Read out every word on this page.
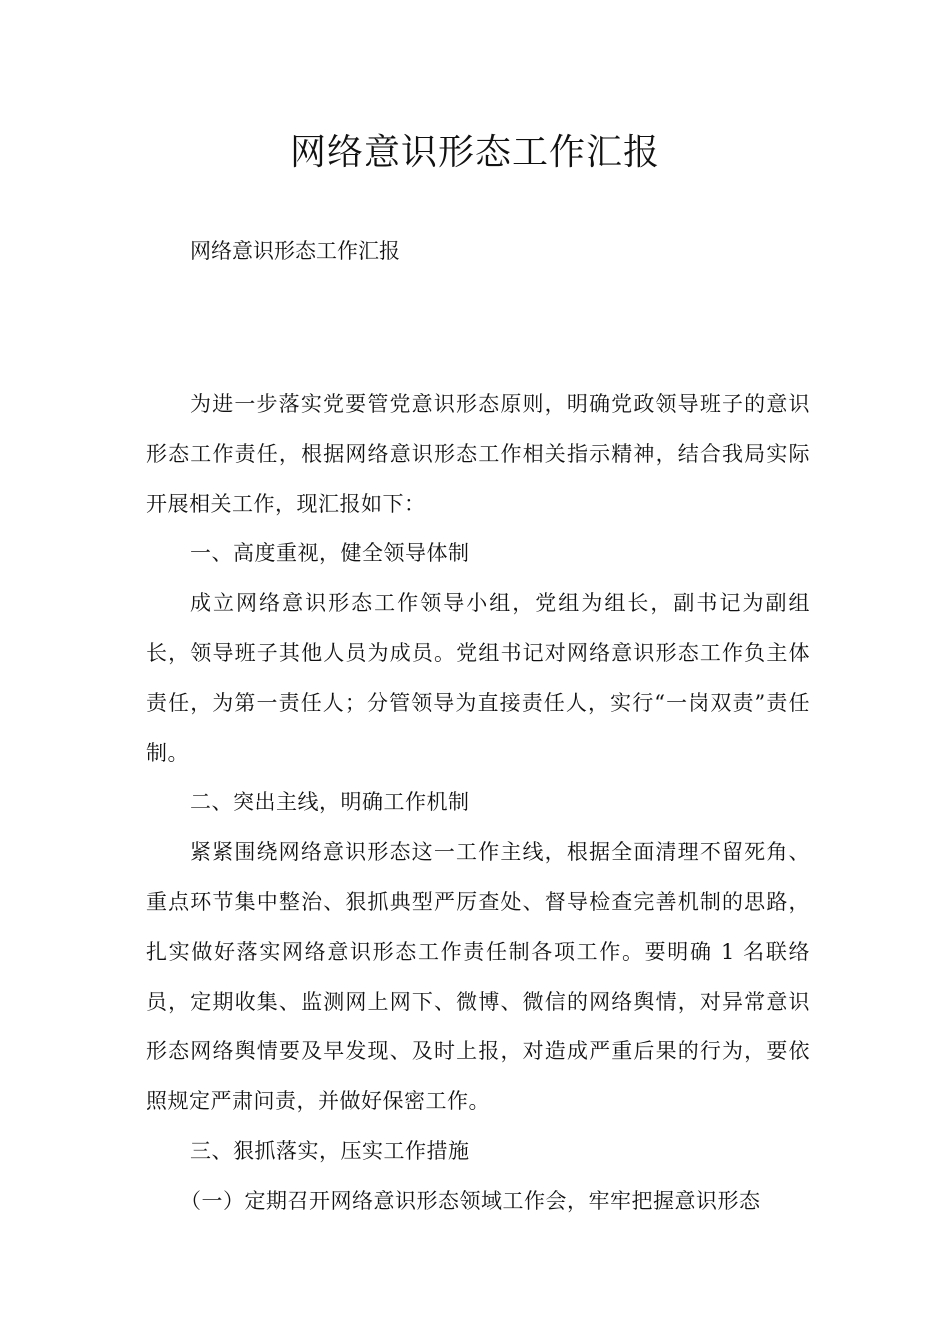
网络意识形态工作汇报
网络意识形态工作汇报

为进一步落实党要管党意识形态原则，明确党政领导班子的意识形态工作责任，根据网络意识形态工作相关指示精神，结合我局实际开展相关工作，现汇报如下：

一、高度重视，健全领导体制

成立网络意识形态工作领导小组，党组为组长，副书记为副组长，领导班子其他人员为成员。党组书记对网络意识形态工作负主体责任，为第一责任人；分管领导为直接责任人，实行“一岗双责”责任制。

二、突出主线，明确工作机制

紧紧围绕网络意识形态这一工作主线，根据全面清理不留死角、重点环节集中整治、狠抓典型严厉查处、督导检查完善机制的思路，扎实做好落实网络意识形态工作责任制各项工作。要明确 1 名联络员，定期收集、监测网上网下、微博、微信的网络舆情，对异常意识形态网络舆情要及早发现、及时上报，对造成严重后果的行为，要依照规定严肃问责，并做好保密工作。

三、狠抓落实，压实工作措施

（一）定期召开网络意识形态领域工作会，牢牢把握意识形态
